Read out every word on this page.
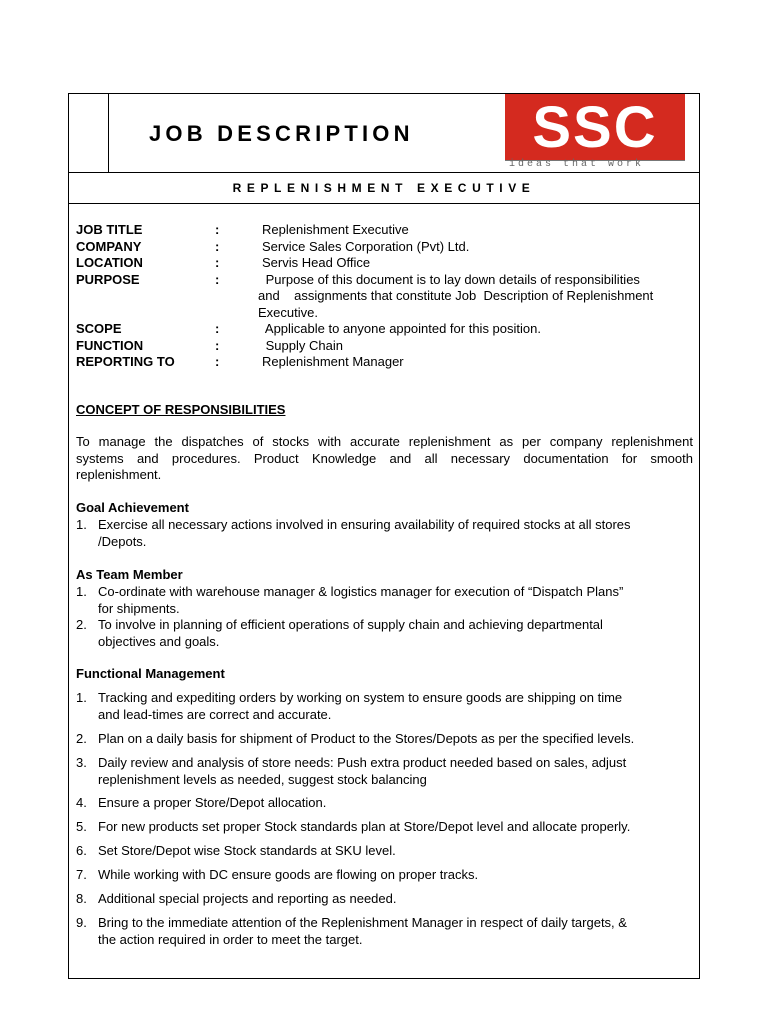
JOB DESCRIPTION	SSC
ideas that work
REPLENISHMENT EXECUTIVE
JOB TITLE	:	Replenishment Executive
COMPANY	:	Service Sales Corporation (Pvt) Ltd.
LOCATION	:	Servis Head Office
PURPOSE	:	Purpose of this document is to lay down details of responsibilities
and    assignments that constitute Job  Description of Replenishment
Executive.
SCOPE	:	Applicable to anyone appointed for this position.
FUNCTION	:	Supply Chain
REPORTING TO	:	Replenishment Manager
CONCEPT OF RESPONSIBILITIES
To manage the dispatches of stocks with accurate replenishment as per company replenishment
systems and procedures. Product Knowledge and all necessary documentation for smooth
replenishment.
Goal Achievement
1. Exercise all necessary actions involved in ensuring availability of required stocks at all stores
/Depots.
As Team Member
1. Co-ordinate with warehouse manager & logistics manager for execution of “Dispatch Plans”
for shipments.
2. To involve in planning of efficient operations of supply chain and achieving departmental
objectives and goals.
Functional Management
1. Tracking and expediting orders by working on system to ensure goods are shipping on time
and lead-times are correct and accurate.
2. Plan on a daily basis for shipment of Product to the Stores/Depots as per the specified levels.
3. Daily review and analysis of store needs: Push extra product needed based on sales, adjust
replenishment levels as needed, suggest stock balancing
4. Ensure a proper Store/Depot allocation.
5. For new products set proper Stock standards plan at Store/Depot level and allocate properly.
6. Set Store/Depot wise Stock standards at SKU level.
7. While working with DC ensure goods are flowing on proper tracks.
8. Additional special projects and reporting as needed.
9. Bring to the immediate attention of the Replenishment Manager in respect of daily targets, &
the action required in order to meet the target.
